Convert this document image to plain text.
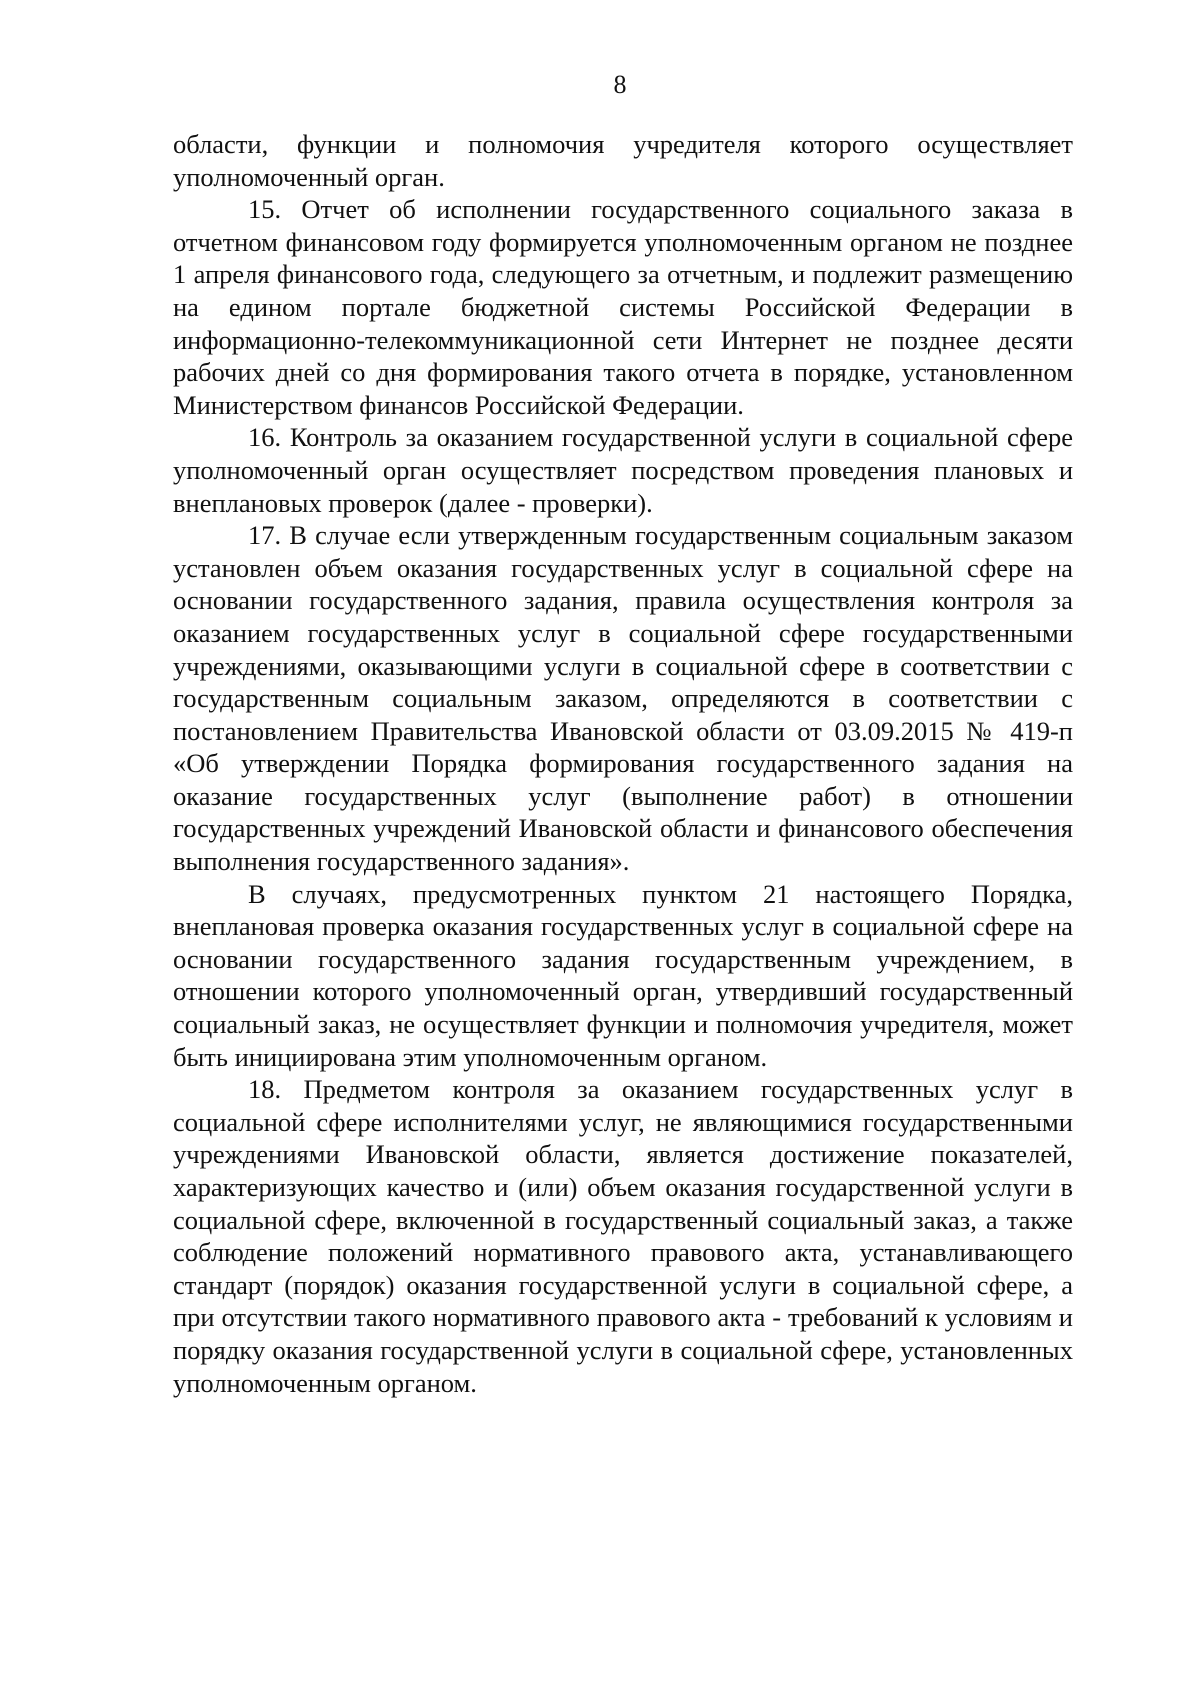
8

области, функции и полномочия учредителя которого осуществляет уполномоченный орган.

15. Отчет об исполнении государственного социального заказа в отчетном финансовом году формируется уполномоченным органом не позднее 1 апреля финансового года, следующего за отчетным, и подлежит размещению на едином портале бюджетной системы Российской Федерации в информационно-телекоммуникационной сети Интернет не позднее десяти рабочих дней со дня формирования такого отчета в порядке, установленном Министерством финансов Российской Федерации.

16. Контроль за оказанием государственной услуги в социальной сфере уполномоченный орган осуществляет посредством проведения плановых и внеплановых проверок (далее - проверки).

17. В случае если утвержденным государственным социальным заказом установлен объем оказания государственных услуг в социальной сфере на основании государственного задания, правила осуществления контроля за оказанием государственных услуг в социальной сфере государственными учреждениями, оказывающими услуги в социальной сфере в соответствии с государственным социальным заказом, определяются в соответствии с постановлением Правительства Ивановской области от 03.09.2015 № 419-п «Об утверждении Порядка формирования государственного задания на оказание государственных услуг (выполнение работ) в отношении государственных учреждений Ивановской области и финансового обеспечения выполнения государственного задания».

В случаях, предусмотренных пунктом 21 настоящего Порядка, внеплановая проверка оказания государственных услуг в социальной сфере на основании государственного задания государственным учреждением, в отношении которого уполномоченный орган, утвердивший государственный социальный заказ, не осуществляет функции и полномочия учредителя, может быть инициирована этим уполномоченным органом.

18. Предметом контроля за оказанием государственных услуг в социальной сфере исполнителями услуг, не являющимися государственными учреждениями Ивановской области, является достижение показателей, характеризующих качество и (или) объем оказания государственной услуги в социальной сфере, включенной в государственный социальный заказ, а также соблюдение положений нормативного правового акта, устанавливающего стандарт (порядок) оказания государственной услуги в социальной сфере, а при отсутствии такого нормативного правового акта - требований к условиям и порядку оказания государственной услуги в социальной сфере, установленных уполномоченным органом.
